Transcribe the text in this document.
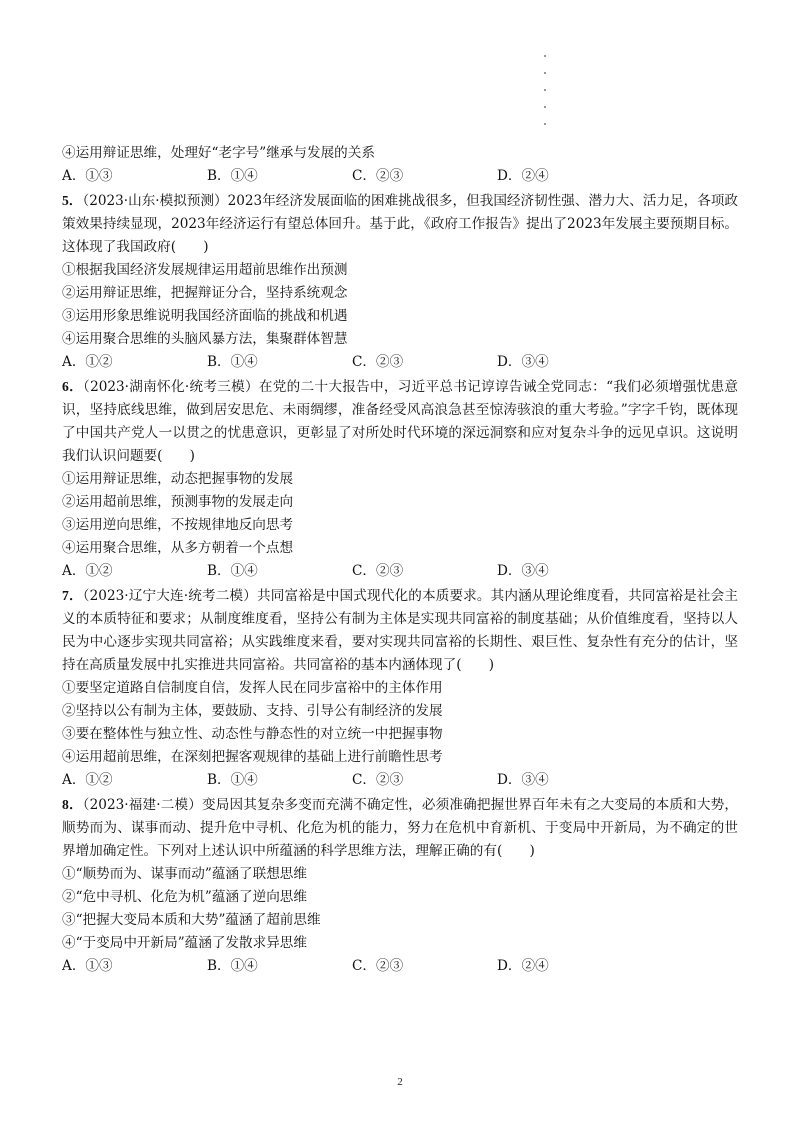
④运用辩证思维，处理好“老字号”继承与发展的关系
A．①③	B．①④	C．②③	D．②④
5．（2023·山东·模拟预测）2023年经济发展面临的困难挑战很多，但我国经济韧性强、潜力大、活力足，各项政策效果持续显现，2023年经济运行有望总体回升。基于此，《政府工作报告》提出了2023年发展主要预期目标。这体现了我国政府(　　)
①根据我国经济发展规律运用超前思维作出预测
②运用辩证思维，把握辩证分合，坚持系统观念
③运用形象思维说明我国经济面临的挑战和机遇
④运用聚合思维的头脑风暴方法，集聚群体智慧
A．①②	B．①④	C．②③	D．③④
6．（2023·湖南怀化·统考三模）在党的二十大报告中，习近平总书记谆谆告诫全党同志：“我们必须增强忧患意识，坚持底线思维，做到居安思危、未雨绸缪，准备经受风高浪急甚至惊涛骇浪的重大考验。”字字千钧，既体现了中国共产党人一以贯之的忧患意识，更彰显了对所处时代环境的深远洞察和应对复杂斗争的远见卓识。这说明我们认识问题要(　　)
①运用辩证思维，动态把握事物的发展
②运用超前思维，预测事物的发展走向
③运用逆向思维，不按规律地反向思考
④运用聚合思维，从多方朝着一个点想
A．①②	B．①④	C．②③	D．③④
7．（2023·辽宁大连·统考二模）共同富裕是中国式现代化的本质要求。其内涵从理论维度看，共同富裕是社会主义的本质特征和要求；从制度维度看，坚持公有制为主体是实现共同富裕的制度基础；从价值维度看，坚持以人民为中心逐步实现共同富裕；从实践维度来看，要对实现共同富裕的长期性、艰巨性、复杂性有充分的估计，坚持在高质量发展中扎实推进共同富裕。共同富裕的基本内涵体现了(　　)
①要坚定道路自信制度自信，发挥人民在同步富裕中的主体作用
②坚持以公有制为主体，要鼓励、支持、引导公有制经济的发展
③要在整体性与独立性、动态性与静态性的对立统一中把握事物
④运用超前思维，在深刻把握客观规律的基础上进行前瞻性思考
A．①②	B．①④	C．②③	D．③④
8．（2023·福建·二模）变局因其复杂多变而充满不确定性，必须准确把握世界百年未有之大变局的本质和大势，顺势而为、谋事而动、提升危中寻机、化危为机的能力，努力在危机中育新机、于变局中开新局，为不确定的世界增加确定性。下列对上述认识中所蕴涵的科学思维方法，理解正确的有(　　)
①“顺势而为、谋事而动”蕴涵了联想思维
②“危中寻机、化危为机”蕴涵了逆向思维
③“把握大变局本质和大势”蕴涵了超前思维
④“于变局中开新局”蕴涵了发散求异思维
A．①③	B．①④	C．②③	D．②④
2
